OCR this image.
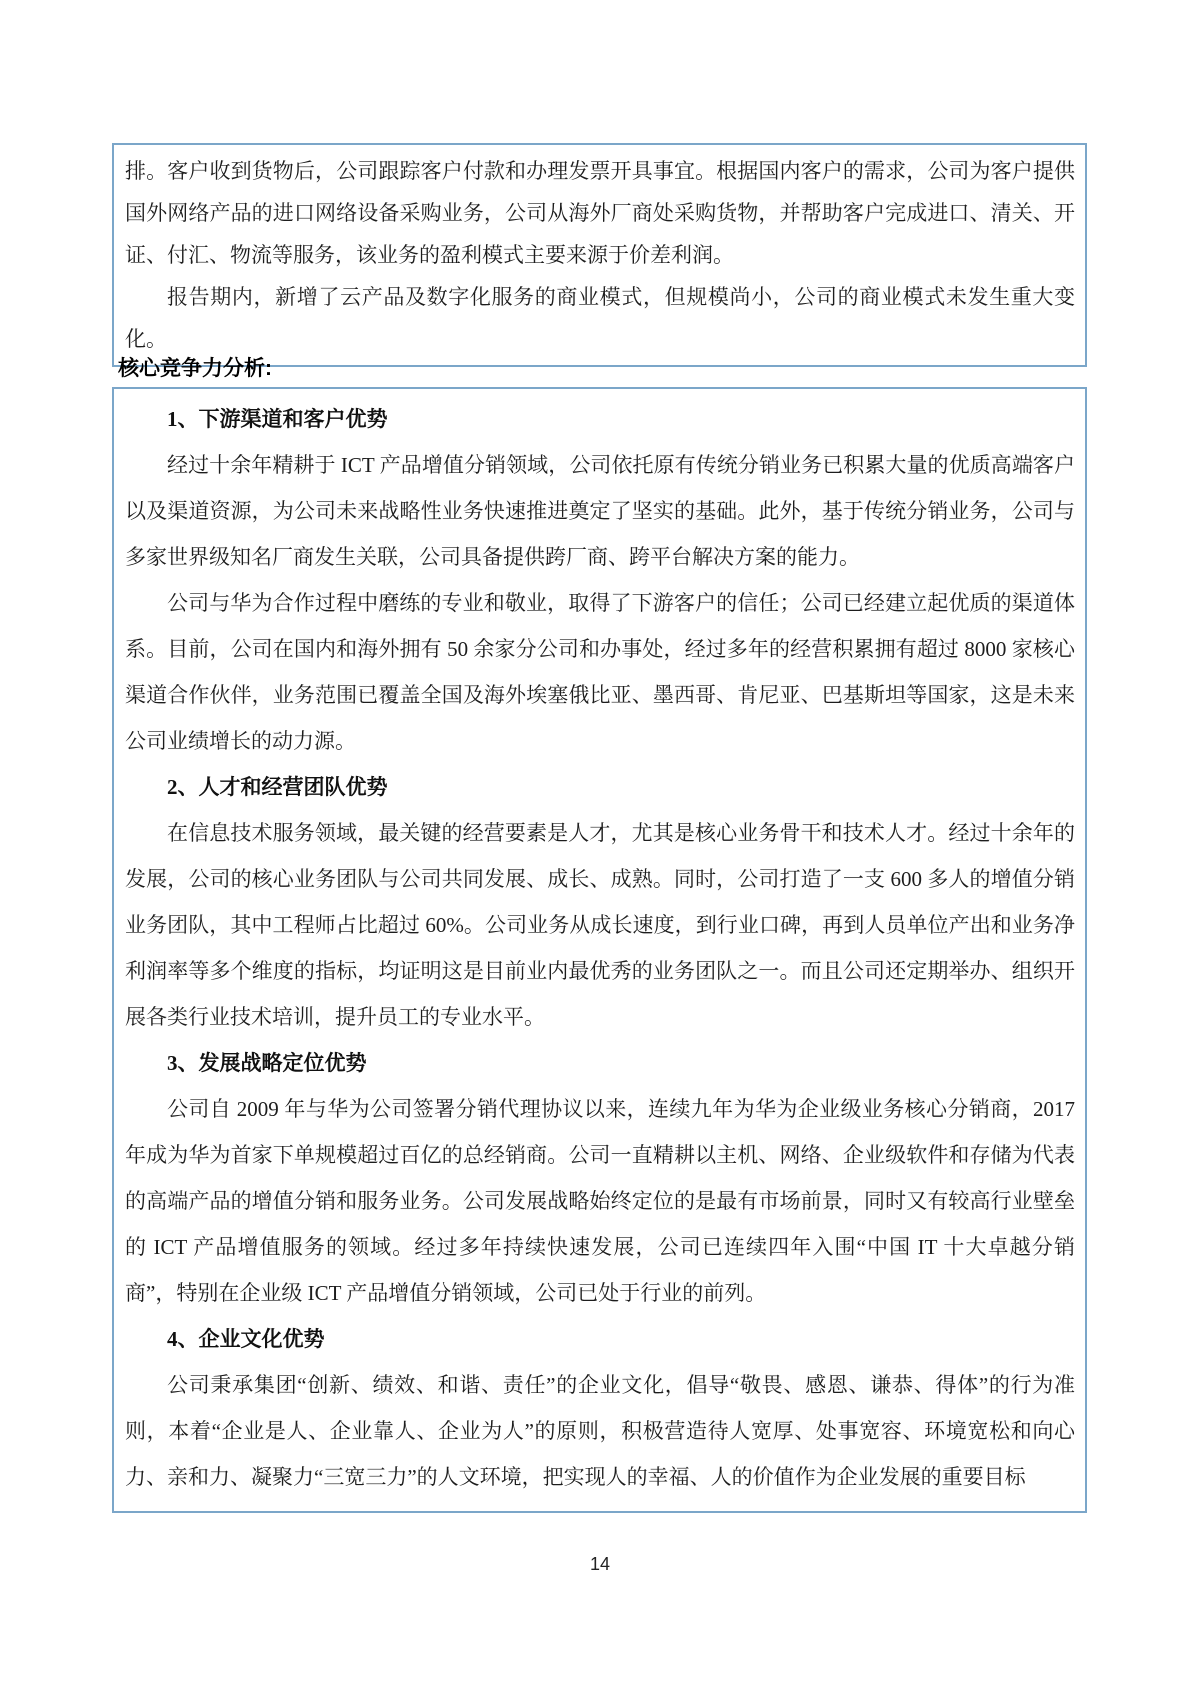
排。客户收到货物后，公司跟踪客户付款和办理发票开具事宜。根据国内客户的需求，公司为客户提供国外网络产品的进口网络设备采购业务，公司从海外厂商处采购货物，并帮助客户完成进口、清关、开证、付汇、物流等服务，该业务的盈利模式主要来源于价差利润。

报告期内，新增了云产品及数字化服务的商业模式，但规模尚小，公司的商业模式未发生重大变化。

核心竞争力分析:
1、下游渠道和客户优势

经过十余年精耕于 ICT 产品增值分销领域，公司依托原有传统分销业务已积累大量的优质高端客户以及渠道资源，为公司未来战略性业务快速推进奠定了坚实的基础。此外，基于传统分销业务，公司与多家世界级知名厂商发生关联，公司具备提供跨厂商、跨平台解决方案的能力。

公司与华为合作过程中磨练的专业和敬业，取得了下游客户的信任；公司已经建立起优质的渠道体系。目前，公司在国内和海外拥有 50 余家分公司和办事处，经过多年的经营积累拥有超过 8000 家核心渠道合作伙伴，业务范围已覆盖全国及海外埃塞俄比亚、墨西哥、肯尼亚、巴基斯坦等国家，这是未来公司业绩增长的动力源。

2、人才和经营团队优势

在信息技术服务领域，最关键的经营要素是人才，尤其是核心业务骨干和技术人才。经过十余年的发展，公司的核心业务团队与公司共同发展、成长、成熟。同时，公司打造了一支 600 多人的增值分销业务团队，其中工程师占比超过 60%。公司业务从成长速度，到行业口碑，再到人员单位产出和业务净利润率等多个维度的指标，均证明这是目前业内最优秀的业务团队之一。而且公司还定期举办、组织开展各类行业技术培训，提升员工的专业水平。

3、发展战略定位优势

公司自 2009 年与华为公司签署分销代理协议以来，连续九年为华为企业级业务核心分销商，2017 年成为华为首家下单规模超过百亿的总经销商。公司一直精耕以主机、网络、企业级软件和存储为代表的高端产品的增值分销和服务业务。公司发展战略始终定位的是最有市场前景，同时又有较高行业壁垒的 ICT 产品增值服务的领域。经过多年持续快速发展，公司已连续四年入围“中国 IT 十大卓越分销商”，特别在企业级 ICT 产品增值分销领域，公司已处于行业的前列。

4、企业文化优势

公司秉承集团“创新、绩效、和谐、责任”的企业文化，倡导“敬畏、感恩、谦恭、得体”的行为准则，本着“企业是人、企业靠人、企业为人”的原则，积极营造待人宽厚、处事宽容、环境宽松和向心力、亲和力、凝聚力“三宽三力”的人文环境，把实现人的幸福、人的价值作为企业发展的重要目标

14
